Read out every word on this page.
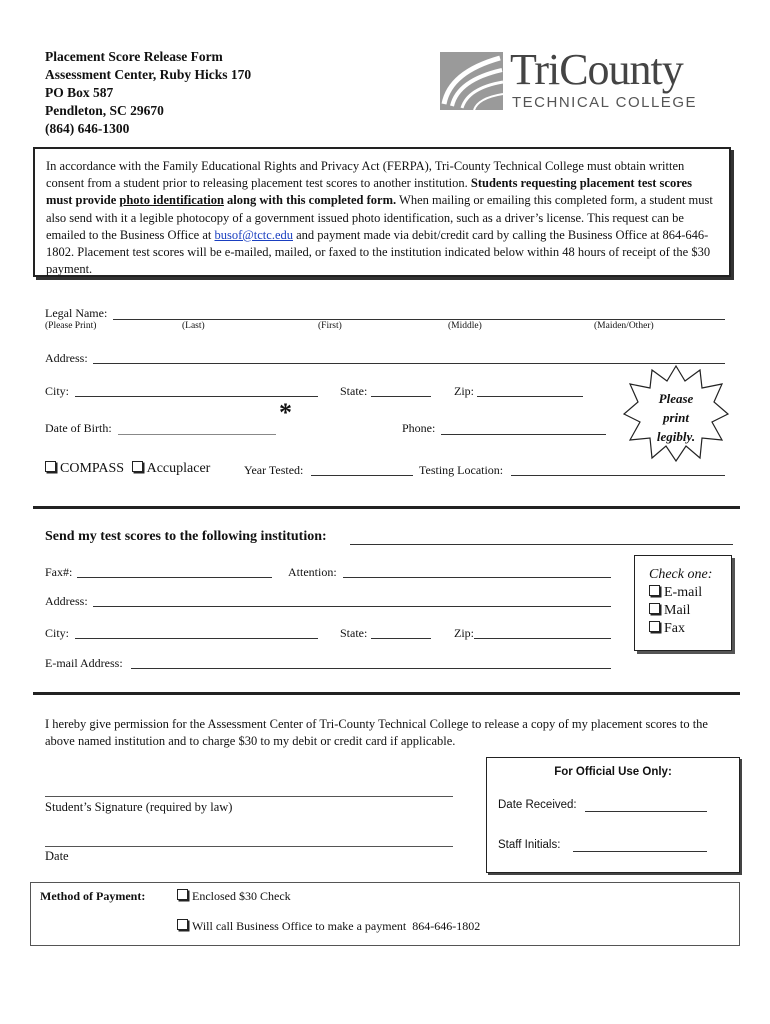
Placement Score Release Form
Assessment Center, Ruby Hicks 170
PO Box 587
Pendleton, SC 29670
(864) 646-1300
TriCounty
TECHNICAL COLLEGE
In accordance with the Family Educational Rights and Privacy Act (FERPA), Tri-County Technical College must obtain written consent from a student prior to releasing placement test scores to another institution. Students requesting placement test scores must provide photo identification along with this completed form. When mailing or emailing this completed form, a student must also send with it a legible photocopy of a government issued photo identification, such as a driver’s license. This request can be emailed to the Business Office at busof@tctc.edu and payment made via debit/credit card by calling the Business Office at 864-646-1802. Placement test scores will be e-mailed, mailed, or faxed to the institution indicated below within 48 hours of receipt of the $30 payment.
Legal Name:
(Please Print)	(Last)	(First)	(Middle)	(Maiden/Other)
Address:
City:	State:	Zip:	Please
print
legibly.
Date of Birth:
*
Phone:
COMPASS Accuplacer	Year Tested:	Testing Location:
Send my test scores to the following institution:
Fax#:	Attention:
Address:
City:	State:	Zip:
E-mail Address:
Check one:
E-mail
Mail
Fax
I hereby give permission for the Assessment Center of Tri-County Technical College to release a copy of my placement scores to the above named institution and to charge $30 to my debit or credit card if applicable.
Student’s Signature (required by law)
Date
For Official Use Only:
Date Received:
Staff Initials:
Method of Payment:	Enclosed $30 Check
Will call Business Office to make a payment  864-646-1802
